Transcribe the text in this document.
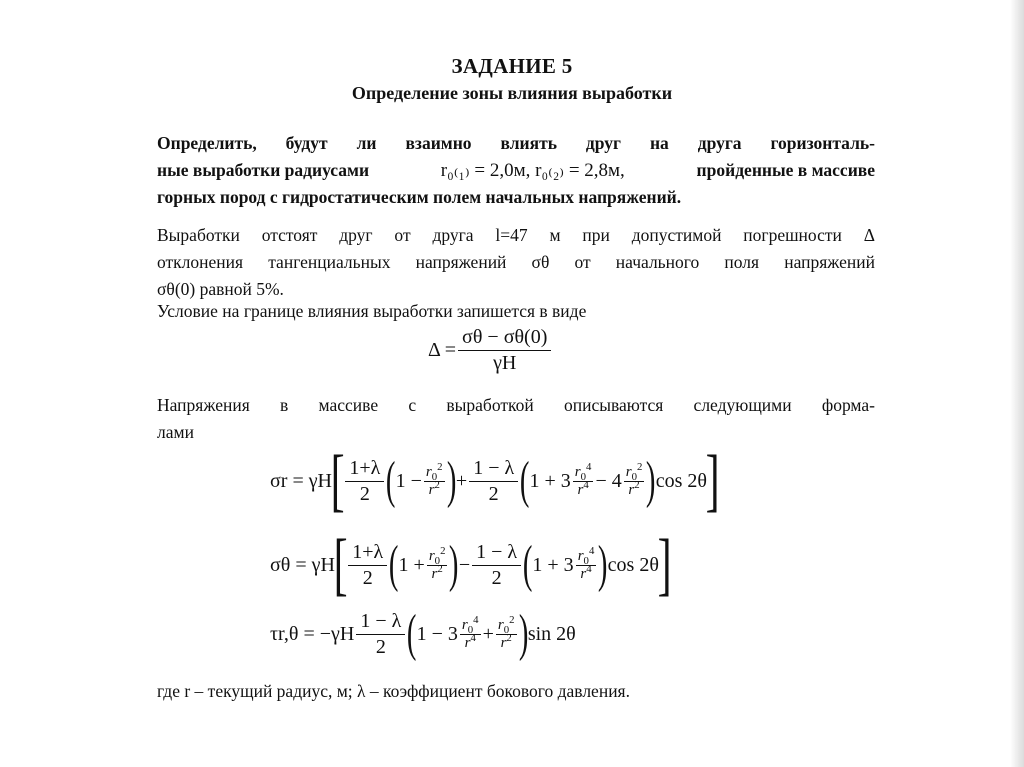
ЗАДАНИЕ 5
Определение зоны влияния выработки
Определить, будут ли взаимно влиять друг на друга горизонталь-
ные выработки радиусами	r₀₍₁₎ = 2,0м, r₀₍₂₎ = 2,8м,	пройденные в массиве
горных пород с гидростатическим полем начальных напряжений.
Выработки отстоят друг от друга l=47 м при допустимой погрешности Δ
отклонения тангенциальных напряжений σθ от начального поля напряжений
σθ(0) равной 5%.
Условие на границе влияния выработки запишется в виде
$\Delta = \frac{\sigma\theta - \sigma\theta(0)}{\gamma H}$
Напряжения в массиве с выработкой описываются следующими форма-
лами
σr = γH
[ $\frac{1+\lambda}{2}$ ( $1 - \frac{r_0^2}{r^2}$ ) + $\frac{1 - \lambda}{2}$ ( $1 + 3 \frac{r_0^4}{r^4} - 4 \frac{r_0^2}{r^2}$ ) cos 2θ
]
σθ = γH
[ $\frac{1+\lambda}{2}$ ( $1 + \frac{r_0^2}{r^2}$ ) − $\frac{1 - \lambda}{2}$ ( $1 + 3 \frac{r_0^4}{r^4}$ ) cos 2θ
]
$\tau r,\theta = -\gamma H \frac{1 - \lambda}{2}$ ( $1 - 3 \frac{r_0^4}{r^4} + \frac{r_0^2}{r^2}$ ) sin 2θ
где r – текущий радиус, м; λ – коэффициент бокового давления.
